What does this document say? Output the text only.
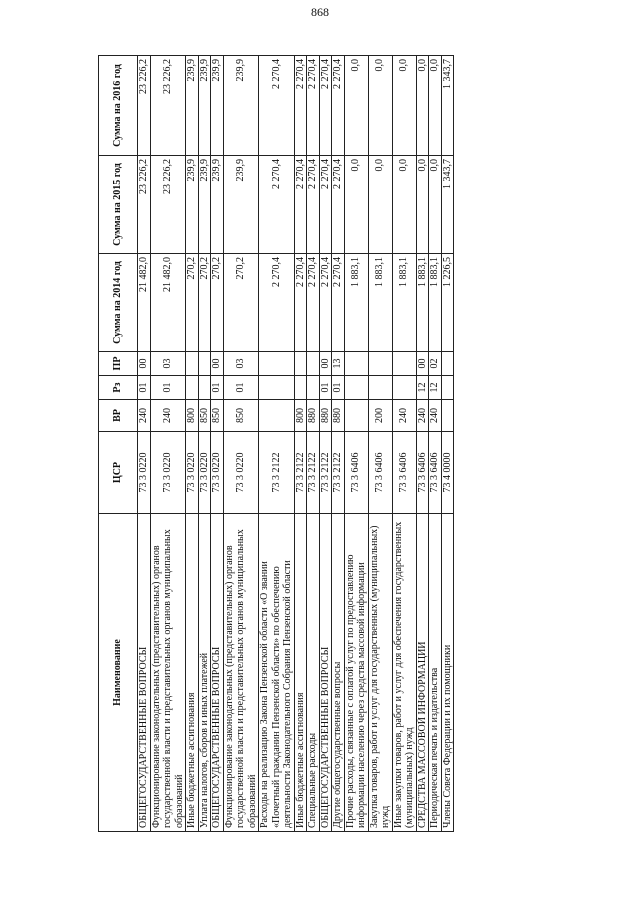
868
Наименование	ЦСР	ВР	Рз	ПР	Сумма на 2014 год	Сумма на 2015 год	Сумма на 2016 год
ОБЩЕГОСУДАРСТВЕННЫЕ ВОПРОСЫ	73 3 0220	240	01	00	21 482,0	23 226,2	23 226,2
Функционирование законодательных (представительных) органов государственной власти и представительных органов муниципальных образований	73 3 0220	240	01	03	21 482,0	23 226,2	23 226,2
Иные бюджетные ассигнования	73 3 0220	800			270,2	239,9	239,9
Уплата налогов, сборов и иных платежей	73 3 0220	850			270,2	239,9	239,9
ОБЩЕГОСУДАРСТВЕННЫЕ ВОПРОСЫ	73 3 0220	850	01	00	270,2	239,9	239,9
Функционирование законодательных (представительных) органов государственной власти и представительных органов муниципальных образований	73 3 0220	850	01	03	270,2	239,9	239,9
Расходы на реализацию Закона Пензенской области «О звании «Почетный гражданин Пензенской области» по обеспечению деятельности Законодательного Собрания Пензенской области	73 3 2122				2 270,4	2 270,4	2 270,4
Иные бюджетные ассигнования	73 3 2122	800			2 270,4	2 270,4	2 270,4
Специальные расходы	73 3 2122	880			2 270,4	2 270,4	2 270,4
ОБЩЕГОСУДАРСТВЕННЫЕ ВОПРОСЫ	73 3 2122	880	01	00	2 270,4	2 270,4	2 270,4
Другие общегосударственные вопросы	73 3 2122	880	01	13	2 270,4	2 270,4	2 270,4
Прочие расходы, связанные с оплатой услуг по предоставлению информации населению через средства массовой информации	73 3 6406				1 883,1	0,0	0,0
Закупка товаров, работ и услуг для государственных (муниципальных) нужд	73 3 6406	200			1 883,1	0,0	0,0
Иные закупки товаров, работ и услуг для обеспечения государственных (муниципальных) нужд	73 3 6406	240			1 883,1	0,0	0,0
СРЕДСТВА МАССОВОЙ ИНФОРМАЦИИ	73 3 6406	240	12	00	1 883,1	0,0	0,0
Периодическая печать и издательства	73 3 6406	240	12	02	1 883,1	0,0	0,0
Члены Совета Федерации и их помощники	73 4 0000				1 226,5	1 343,7	1 343,7
